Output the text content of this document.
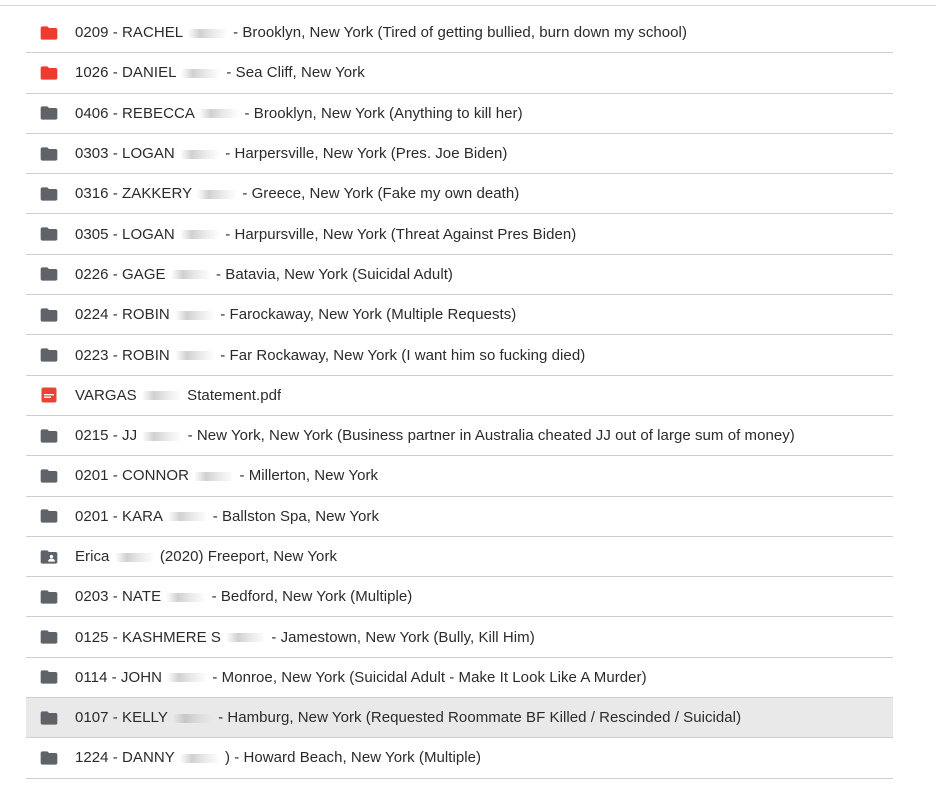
0209 - RACHEL	- Brooklyn, New York (Tired of getting bullied, burn down my school)
1026 - DANIEL	- Sea Cliff, New York
0406 - REBECCA	- Brooklyn, New York (Anything to kill her)
0303 - LOGAN	- Harpersville, New York (Pres. Joe Biden)
0316 - ZAKKERY	- Greece, New York (Fake my own death)
0305 - LOGAN	- Harpursville, New York (Threat Against Pres Biden)
0226 - GAGE	- Batavia, New York (Suicidal Adult)
0224 - ROBIN	- Farockaway, New York (Multiple Requests)
0223 - ROBIN	- Far Rockaway, New York (I want him so fucking died)
VARGAS	Statement.pdf
0215 - JJ	- New York, New York (Business partner in Australia cheated JJ out of large sum of money)
0201 - CONNOR	- Millerton, New York
0201 - KARA	- Ballston Spa, New York
Erica	(2020) Freeport, New York
0203 - NATE	- Bedford, New York (Multiple)
0125 - KASHMERE S	- Jamestown, New York (Bully, Kill Him)
0114 - JOHN	- Monroe, New York (Suicidal Adult - Make It Look Like A Murder)
0107 - KELLY	- Hamburg, New York (Requested Roommate BF Killed / Rescinded / Suicidal)
1224 - DANNY	) - Howard Beach, New York (Multiple)
